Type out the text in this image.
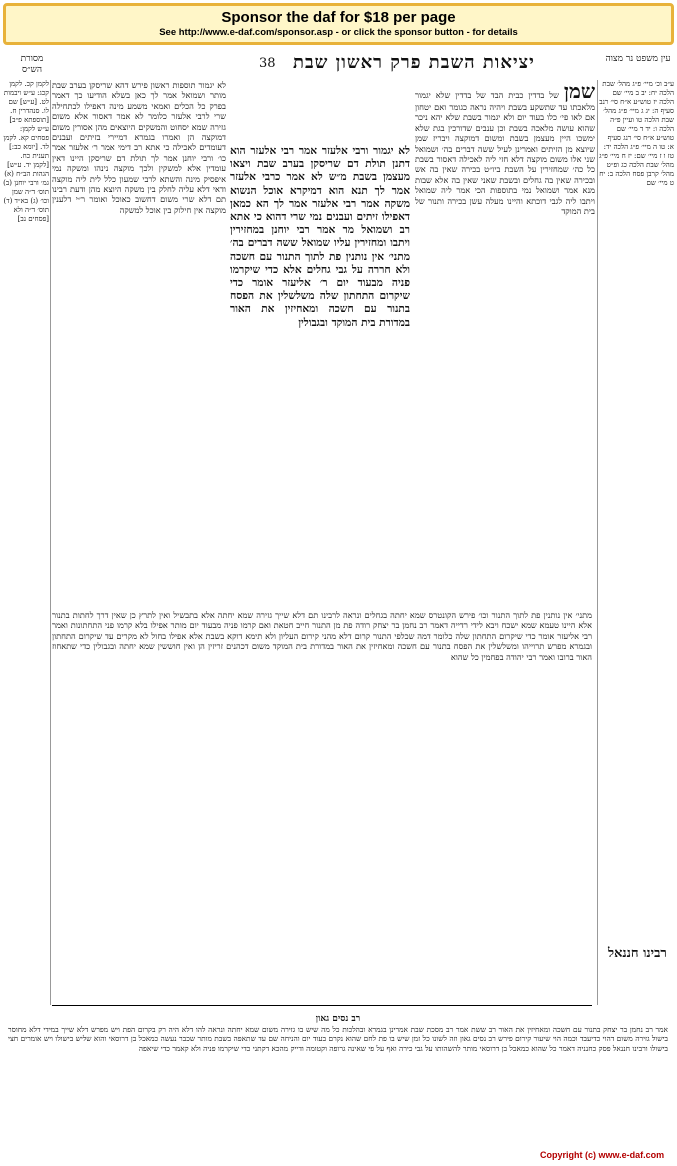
Sponsor the daf for $18 per page
See http://www.e-daf.com/sponsor.asp - or click the sponsor button - for details
מסורת הש״ס	38 יציאות השבת פרק ראשון שבת	עין משפט נר מצוה

לקמן קכ. לקמן קכג: ע״ש ויבמות לט. [ע״ש] שם לו. סנהדרין ח. [תוספתא פ״ב] ע״ש לקמן: פסחים קא. לקמן לד. [יומא כב:] תענית כח. [לקמן יד. ע״ש] הגהות הב״ח (א) גמ׳ ורבי יוחנן (ב) תוס׳ ד״ה שמן וכו׳ (ג) בא״ד (ד) תוס׳ ד״ה ולא [פסחים נב]

לא יגמור תוספות ראשון פירש דהא שריסקן בערב שבת מותר ושמואל אמר לך כאן בשלא הודיעו כך דאמר בפרק כל הכלים ואמאי משמע מינה דאפילו לכתחילה שרי לרבי אלעזר כלומר לא אמר דאסור אלא משום גזירה שמא יסחוט והמשקים היוצאים מהן אסורין משום דמוקצה הן ואמרו בגמרא דמיירי בזיתים ועבנים דעומדים לאכילה כי אתא רב דימי אמר ר׳ אלעזר אמר כו׳ ורבי יוחנן אמר לך תולת דם שריסקן היינו דאין עומדין אלא למשקין ולכך מוקצה נינהו ומשקה נמי איפסיק מינה והשתא לרבי שמעון כלל לית ליה מוקצה ודאי דלא עליה לחלק בין משקה היוצא מהן ודעת רבינו תם דלא שרי משום דחשוב כאוכל ואומר ר״י דלענין מוקצה אין חילוק בין אוכל למשקה

לא יגמור ורבי אלעזר אמר רבי אלעזר הוא דתנן תולת דם שריסקן בערב שבת ויצאו מעצמן בשבת מ״ש לא אמר כרבי אלעזר אמר לך תנא הוא דמיקרא אוכל הנשוא משקה אמר רבי אלעזר אמר לך הא כמאן דאפילו זיתים ועבנים נמי שרי דהוא כי אתא רב ושמואל מר אמר רבי יוחנן במחזירין ויתבו ומחזירין עליו שמואל ששה דברים בה׳ מתני׳ אין נותנין פת לתוך התנור עם חשכה ולא חררה על גבי גחלים אלא כדי שיקרמו פניה מבעוד יום ר׳ אליעזר אומר כדי שיקרום התחתון שלה משלשלין את הפסח בתנור עם חשכה ומאחיזין את האור במדורת בית המוקד ובגבולין

שמן של בדדין כבית הבד של בדדין שלא יגמור מלאכתו עד שתשקע בשבת ויהיה נראה כגומר ואם יטחון אם לאו פי׳ כלו בעוד יום ולא יגמור בשבת שלא יהא ניכר שהוא עושה מלאכה בשבת וכן ענבים שדורכין בגת שלא ימשכו היין מעצמן בשבת ומשום דמוקצה ויבריז שמן שיוצא מן הזיתים ואמרינן לעיל ששה דברים בה׳ ושמואל שני אלו משום מוקצה דלא חזי ליה לאכילה דאסור בשבת כל כה׳ שמחזירין על השבת ביו״ט בכירה שאין בה אש ובכירה שאין בה גחלים ובשבת שאני שאין בה אלא שבות מנא אמר ושמואל נמי בתוספות הכי אמר ליה שמואל ויתבו ליה לגבי דוכתא והיינו מעלה עשן בכירה ותנור של בית המוקד

ע״ב וכ׳ מיי׳ פ״ג מהל׳ שבת הלכה יח: יב ב מיי׳ שם הלכה יז טוש״ע א״ח סי׳ רנב סעיף ה: יג ג מיי׳ פ״ג מהל׳ שבת הלכה טו ועיין פ״ה הלכה ו: יד ד מיי׳ שם טוש״ע א״ח סי׳ רנג סעיף א: טו ה מיי׳ פ״ג הלכה יד: טז ו ז מיי׳ שם: יז ח מיי׳ פ״ג מהל׳ שבת הלכה כג ופ״ט מהל׳ קרבן פסח הלכה ב: יח ט מיי׳ שם

מתני׳ אין נותנין פת לתוך התנור וכו׳ פירש הקונטרס שמא יחתה בגחלים ונראה לרבינו תם דלא שייך גזירה שמא יחתה אלא בתבשיל ואין לתרץ כן שאין דרך לחתות בתנור אלא היינו טעמא שמא ישכח ויבא לידי רדייה דאמר רב נחמן בר יצחק רודה פת מן התנור חייב חטאת ואם קרמו פניה מבעוד יום מותר אפילו בלא קרמו פני התחתונות ואמר רבי אליעזר אומר כדי שיקרום התחתון שלה כלומר דמה שכלפי התנור קרום דלא מהני קירום העליון ולא תימא דוקא בשבת אלא אפילו בחול לא מקרים עד שיקרום התחתון ובגמרא מפרש תרוייהו ומשלשלין את הפסח בתנור עם חשכה ומאחיזין את האור במדורת בית המוקד משום דכהנים זריזין הן ואין חוששין שמא יחתה ובגבולין כדי שתאחוז האור ברובו ואמר רבי יהודה בפחמין כל שהוא

רבינו חננאל

רב נסים גאון

אמר רב נחמן בר יצחק בתנור עם חשכה ומאחיזין את האור רב ששת אמר רב מסכת שבת אמרינן בגמרא ובהלכות כל מה שיש בו גזירה משום שמא יחתה ונראה להו דלא היה רק בקרום הפת ויש מפרש דלא שייך במידי דלא מחוסר בישול גזירה משום דהוי כדיעבד וכמה הוי שיעור קירום פירש רב נסים גאון וזה לשונו כל זמן שיש בו פת לחם שהוא נקרם בעוד יום והניחה שם עד שתאפה בשבת מותר שכבר נעשה כמאכל בן דרוסאי והוא שליש בישולו ויש אומרים חצי בישולו ורבינו חננאל פסק כחנניה דאמר כל שהוא כמאכל בן דרוסאי מותר להשהותו על גבי כירה ואף על פי שאינה גרופה וקטומה ודייק מהכא דקתני כדי שיקרמו פניה ולא קאמר כדי שיאפה

Copyright (c) www.e-daf.com
